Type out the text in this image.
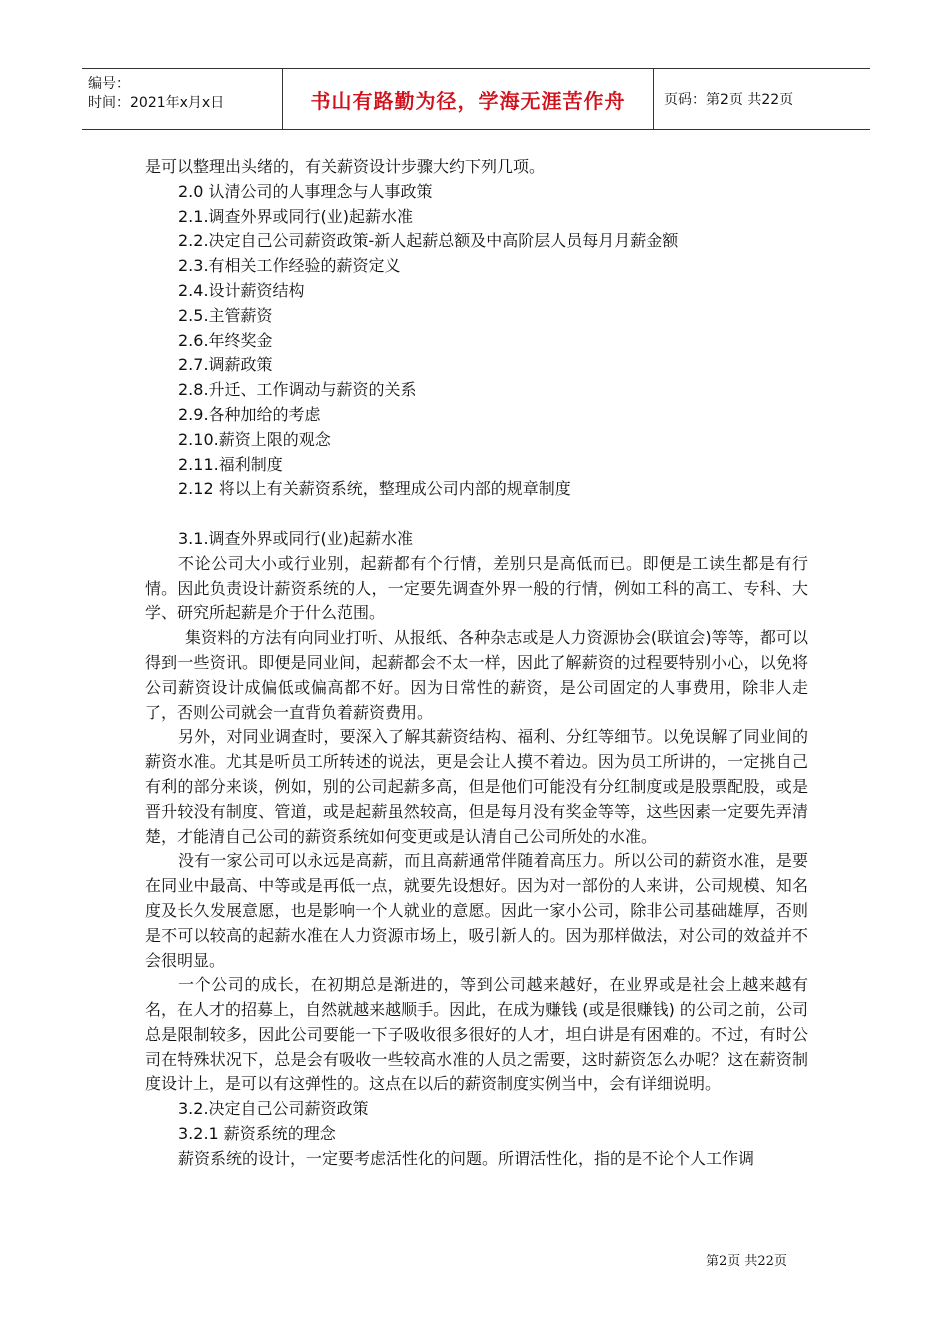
编号：
时间：2021年x月x日	书山有路勤为径，学海无涯苦作舟	页码：第2页 共22页

是可以整理出头绪的，有关薪资设计步骤大约下列几项。

2.0 认清公司的人事理念与人事政策

2.1.调查外界或同行(业)起薪水准

2.2.决定自己公司薪资政策-新人起薪总额及中高阶层人员每月月薪金额

2.3.有相关工作经验的薪资定义

2.4.设计薪资结构

2.5.主管薪资

2.6.年终奖金

2.7.调薪政策

2.8.升迁、工作调动与薪资的关系

2.9.各种加给的考虑

2.10.薪资上限的观念

2.11.福利制度

2.12 将以上有关薪资系统，整理成公司内部的规章制度

3.1.调查外界或同行(业)起薪水准

不论公司大小或行业别，起薪都有个行情，差别只是高低而已。即便是工读生都是有行情。因此负责设计薪资系统的人，一定要先调查外界一般的行情，例如工科的高工、专科、大学、研究所起薪是介于什么范围。

集资料的方法有向同业打听、从报纸、各种杂志或是人力资源协会(联谊会)等等，都可以得到一些资讯。即便是同业间，起薪都会不太一样，因此了解薪资的过程要特别小心，以免将公司薪资设计成偏低或偏高都不好。因为日常性的薪资，是公司固定的人事费用，除非人走了，否则公司就会一直背负着薪资费用。

另外，对同业调查时，要深入了解其薪资结构、福利、分红等细节。以免误解了同业间的薪资水准。尤其是听员工所转述的说法，更是会让人摸不着边。因为员工所讲的，一定挑自己有利的部分来谈，例如，别的公司起薪多高，但是他们可能没有分红制度或是股票配股，或是晋升较没有制度、管道，或是起薪虽然较高，但是每月没有奖金等等，这些因素一定要先弄清楚，才能清自己公司的薪资系统如何变更或是认清自己公司所处的水准。

没有一家公司可以永远是高薪，而且高薪通常伴随着高压力。所以公司的薪资水准，是要在同业中最高、中等或是再低一点，就要先设想好。因为对一部份的人来讲，公司规模、知名度及长久发展意愿，也是影响一个人就业的意愿。因此一家小公司，除非公司基础雄厚，否则是不可以较高的起薪水准在人力资源市场上，吸引新人的。因为那样做法，对公司的效益并不会很明显。

一个公司的成长，在初期总是渐进的，等到公司越来越好，在业界或是社会上越来越有名，在人才的招募上，自然就越来越顺手。因此，在成为赚钱 (或是很赚钱) 的公司之前，公司总是限制较多，因此公司要能一下子吸收很多很好的人才，坦白讲是有困难的。不过，有时公司在特殊状况下，总是会有吸收一些较高水准的人员之需要，这时薪资怎么办呢？这在薪资制度设计上，是可以有这弹性的。这点在以后的薪资制度实例当中，会有详细说明。

3.2.决定自己公司薪资政策

3.2.1 薪资系统的理念

薪资系统的设计，一定要考虑活性化的问题。所谓活性化，指的是不论个人工作调

第2页 共22页
